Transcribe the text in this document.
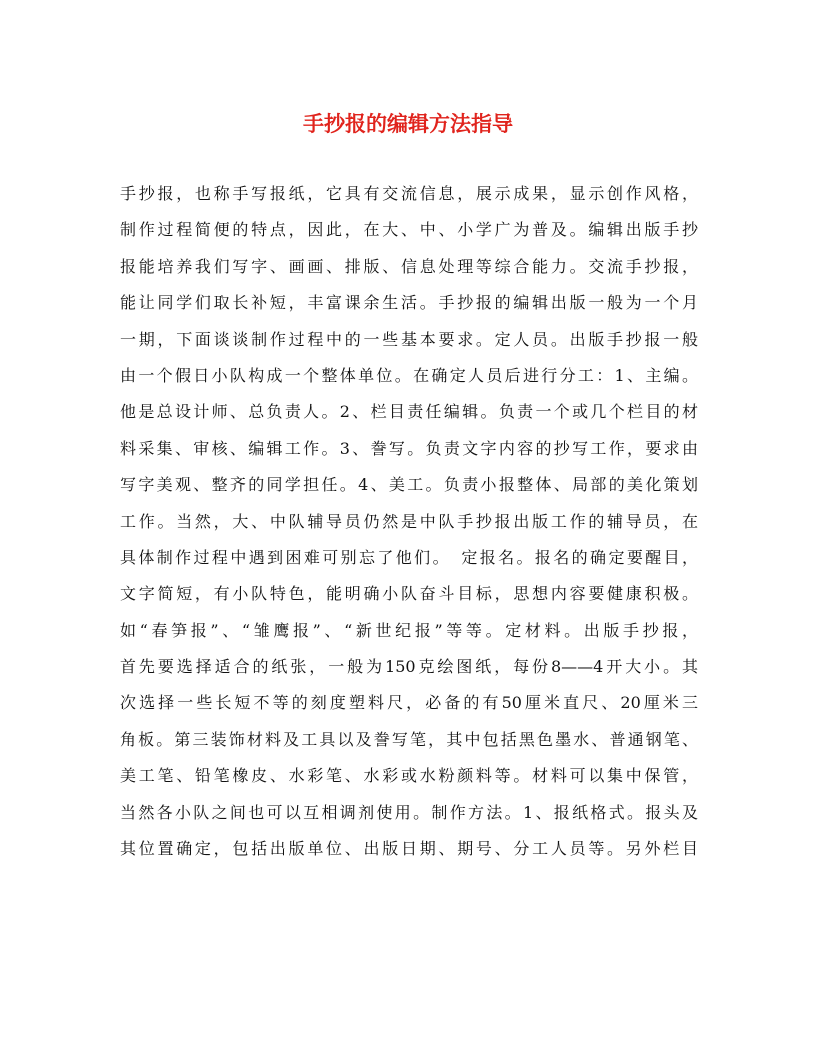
手抄报的编辑方法指导
手抄报，也称手写报纸，它具有交流信息，展示成果，显示创作风格，
制作过程简便的特点，因此，在大、中、小学广为普及。编辑出版手抄
报能培养我们写字、画画、排版、信息处理等综合能力。交流手抄报，
能让同学们取长补短，丰富课余生活。手抄报的编辑出版一般为一个月
一期，下面谈谈制作过程中的一些基本要求。定人员。出版手抄报一般
由一个假日小队构成一个整体单位。在确定人员后进行分工：1、主编。
他是总设计师、总负责人。2、栏目责任编辑。负责一个或几个栏目的材
料采集、审核、编辑工作。3、誊写。负责文字内容的抄写工作，要求由
写字美观、整齐的同学担任。4、美工。负责小报整体、局部的美化策划
工作。当然，大、中队辅导员仍然是中队手抄报出版工作的辅导员，在
具体制作过程中遇到困难可别忘了他们。　定报名。报名的确定要醒目，
文字简短，有小队特色，能明确小队奋斗目标，思想内容要健康积极。
如“春笋报”、“雏鹰报”、“新世纪报”等等。定材料。出版手抄报，
首先要选择适合的纸张，一般为150克绘图纸，每份8——4开大小。其
次选择一些长短不等的刻度塑料尺，必备的有50厘米直尺、20厘米三
角板。第三装饰材料及工具以及誊写笔，其中包括黑色墨水、普通钢笔、
美工笔、铅笔橡皮、水彩笔、水彩或水粉颜料等。材料可以集中保管，
当然各小队之间也可以互相调剂使用。制作方法。1、报纸格式。报头及
其位置确定，包括出版单位、出版日期、期号、分工人员等。另外栏目
